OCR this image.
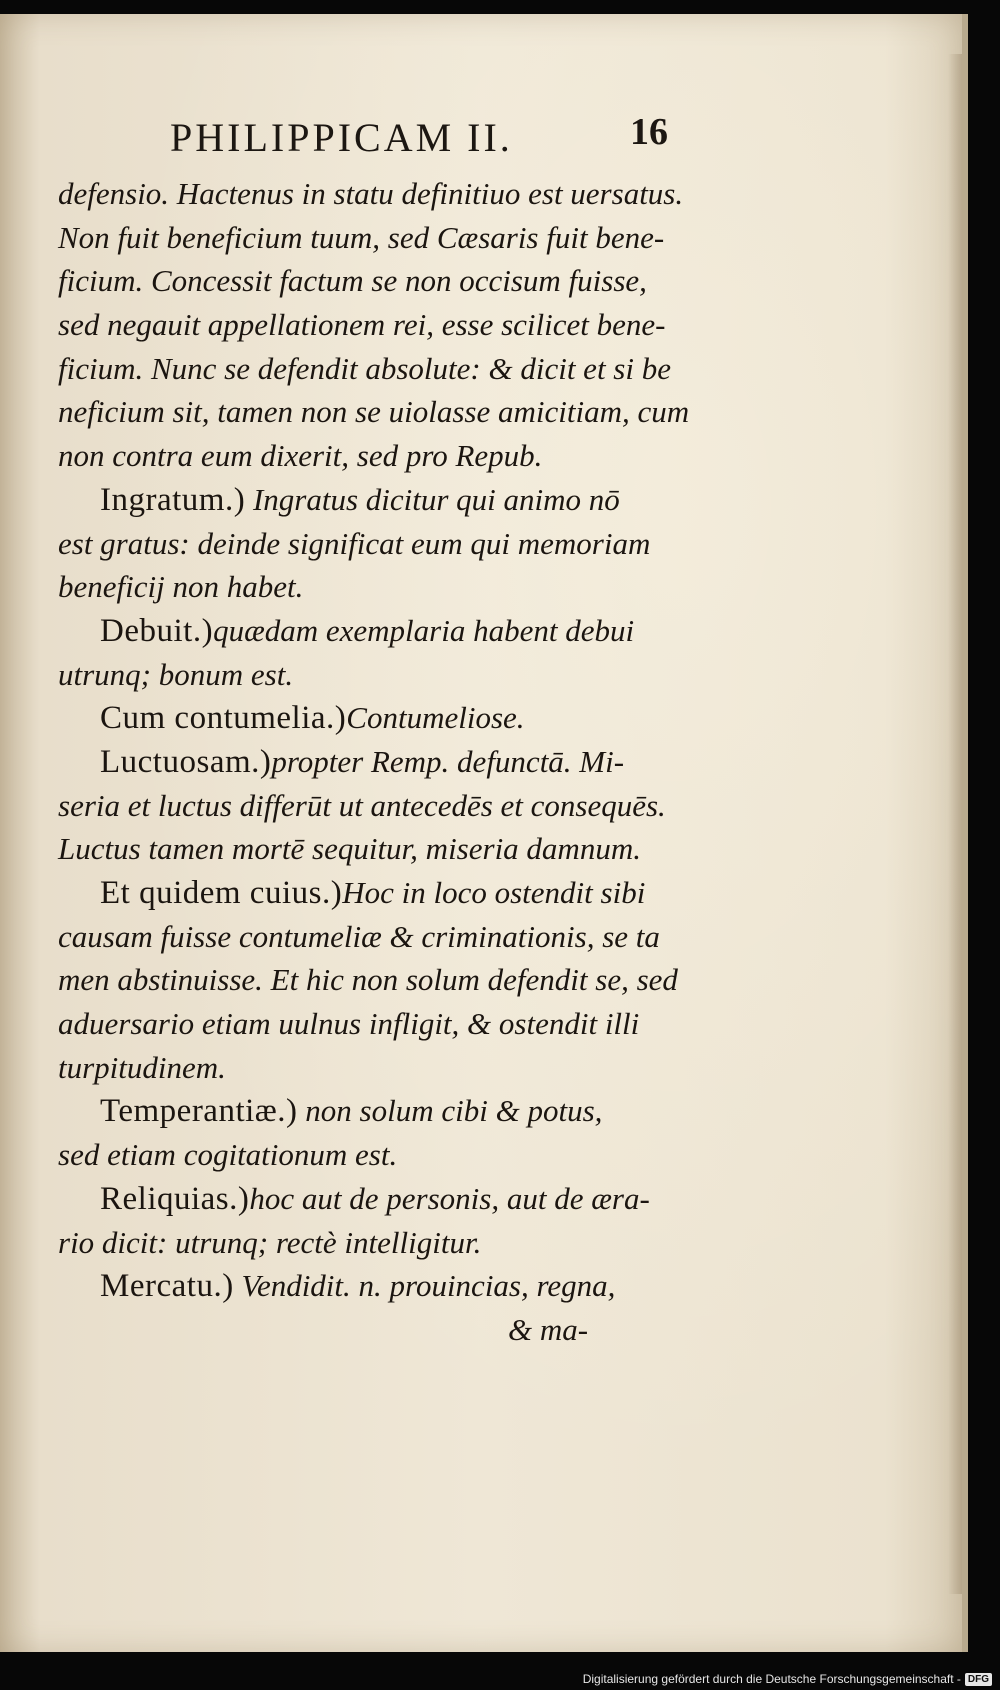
PHILIPPICAM II.	16
defensio. Hactenus in statu definitiuo est uersatus.
Non fuit beneficium tuum, sed Cæsaris fuit bene-
ficium. Concessit factum se non occisum fuisse,
sed negauit appellationem rei, esse scilicet bene-
ficium. Nunc se defendit absolute: & dicit et si be
neficium sit, tamen non se uiolasse amicitiam, cum
non contra eum dixerit, sed pro Repub.
Ingratum.) Ingratus dicitur qui animo nō
est gratus: deinde significat eum qui memoriam
beneficij non habet.
Debuit.)quædam exemplaria habent debui
utrunq; bonum est.
Cum contumelia.)Contumeliose.
Luctuosam.)propter Remp. defunctā. Mi-
seria et luctus differūt ut antecedēs et consequēs.
Luctus tamen mortē sequitur, miseria damnum.
Et quidem cuius.)Hoc in loco ostendit sibi
causam fuisse contumeliæ & criminationis, se ta
men abstinuisse. Et hic non solum defendit se, sed
aduersario etiam uulnus infligit, & ostendit illi
turpitudinem.
Temperantiæ.) non solum cibi & potus,
sed etiam cogitationum est.
Reliquias.)hoc aut de personis, aut de æra-
rio dicit: utrunq; rectè intelligitur.
Mercatu.) Vendidit. n. prouincias, regna,
& ma-
Digitalisierung gefördert durch die Deutsche Forschungsgemeinschaft - DFG
